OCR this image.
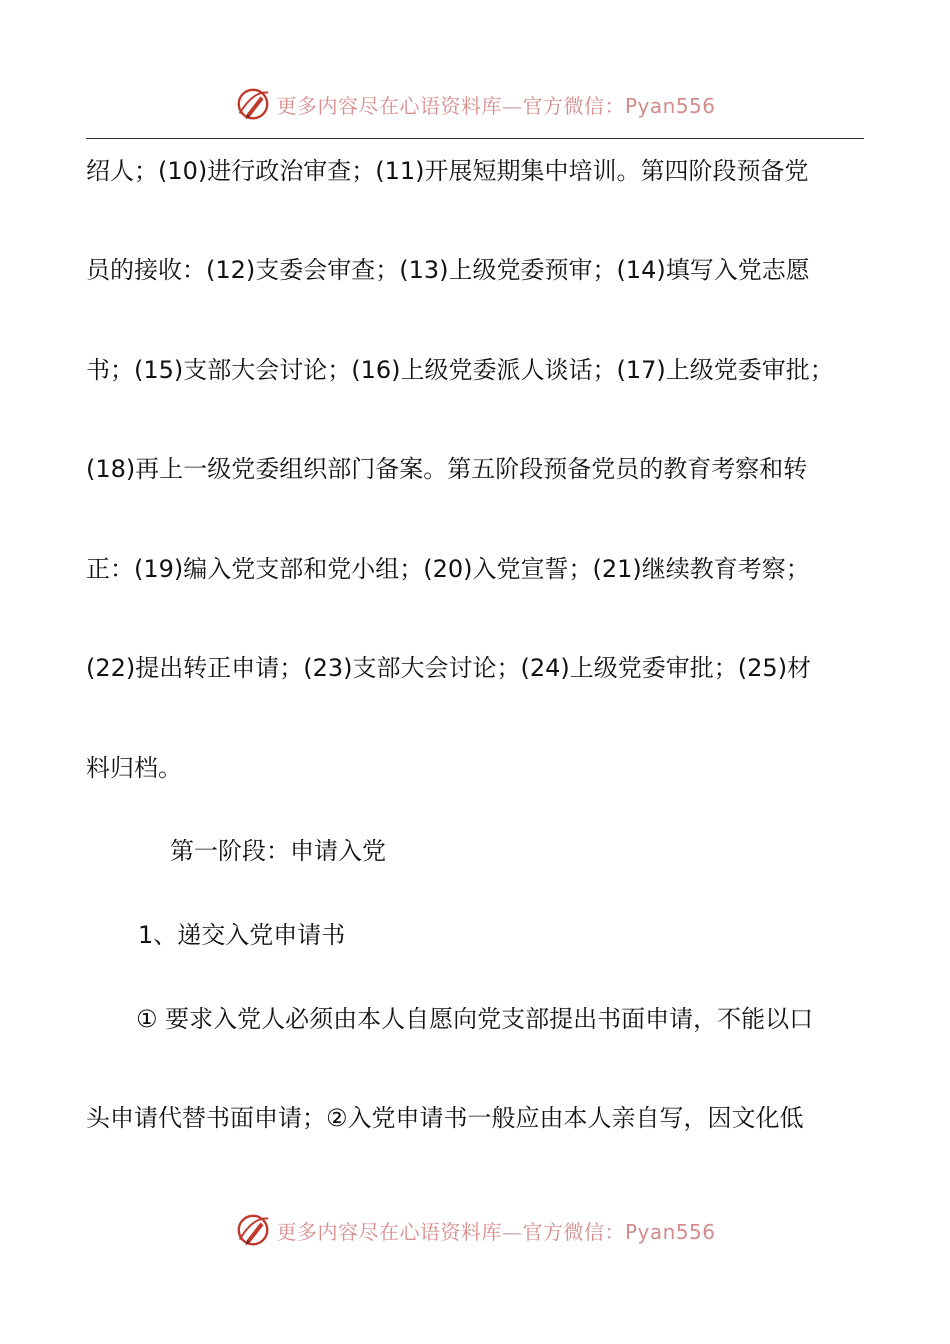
更多内容尽在心语资料库—官方微信：Pyan556
绍人；(10)进行政治审查；(11)开展短期集中培训。第四阶段预备党
员的接收：(12)支委会审查；(13)上级党委预审；(14)填写入党志愿
书；(15)支部大会讨论；(16)上级党委派人谈话；(17)上级党委审批；
(18)再上一级党委组织部门备案。第五阶段预备党员的教育考察和转
正：(19)编入党支部和党小组；(20)入党宣誓；(21)继续教育考察；
(22)提出转正申请；(23)支部大会讨论；(24)上级党委审批；(25)材
料归档。
第一阶段：申请入党
1、递交入党申请书
① 要求入党人必须由本人自愿向党支部提出书面申请，不能以口
头申请代替书面申请；②入党申请书一般应由本人亲自写，因文化低
更多内容尽在心语资料库—官方微信：Pyan556
